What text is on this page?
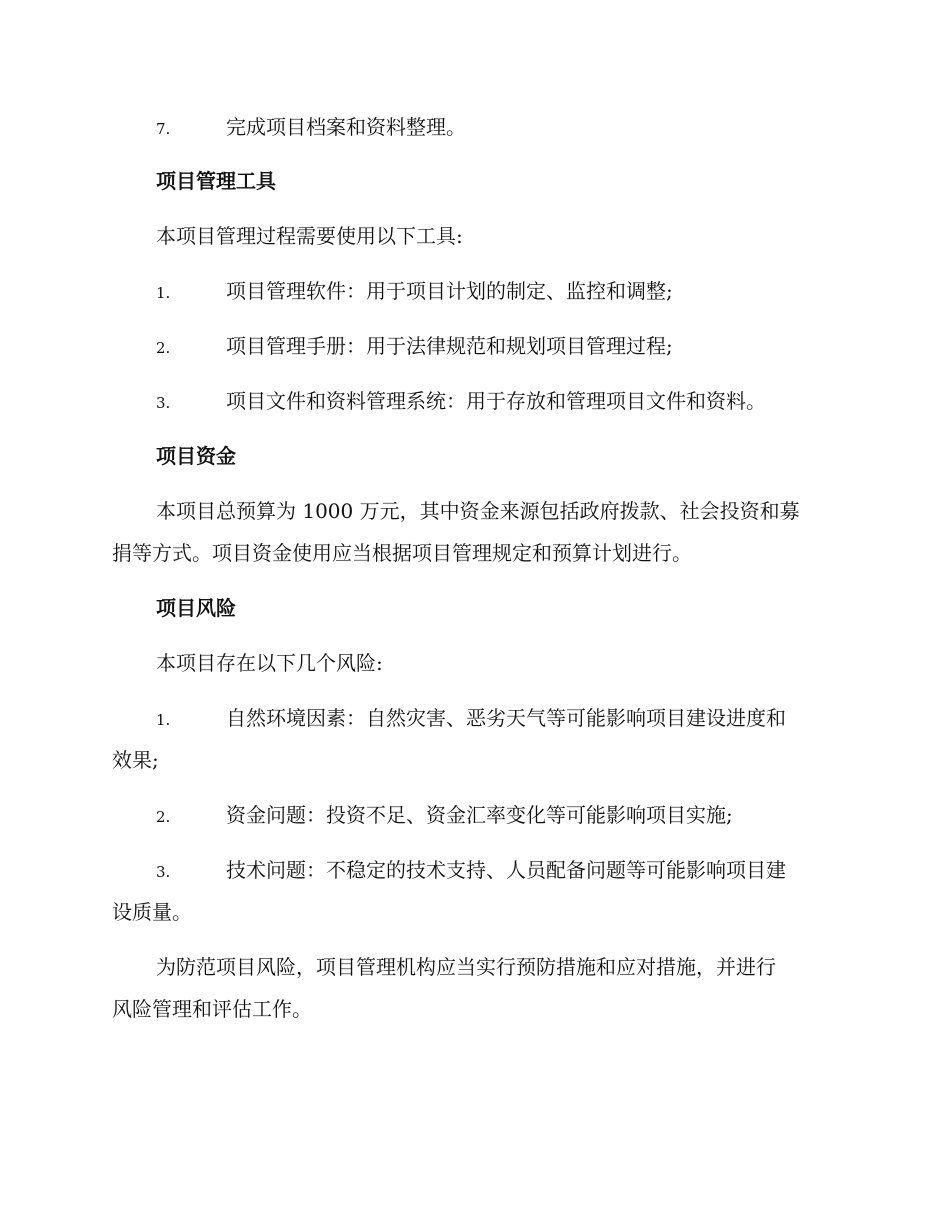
7.	完成项目档案和资料整理。
项目管理工具
本项目管理过程需要使用以下工具:
1.	项目管理软件：用于项目计划的制定、监控和调整;
2.	项目管理手册：用于法律规范和规划项目管理过程;
3.	项目文件和资料管理系统：用于存放和管理项目文件和资料。
项目资金
本项目总预算为 1000 万元，其中资金来源包括政府拨款、社会投资和募
捐等方式。项目资金使用应当根据项目管理规定和预算计划进行。
项目风险
本项目存在以下几个风险:
1.	自然环境因素：自然灾害、恶劣天气等可能影响项目建设进度和
效果;
2.	资金问题：投资不足、资金汇率变化等可能影响项目实施;
3.	技术问题：不稳定的技术支持、人员配备问题等可能影响项目建
设质量。
为防范项目风险，项目管理机构应当实行预防措施和应对措施，并进行
风险管理和评估工作。
